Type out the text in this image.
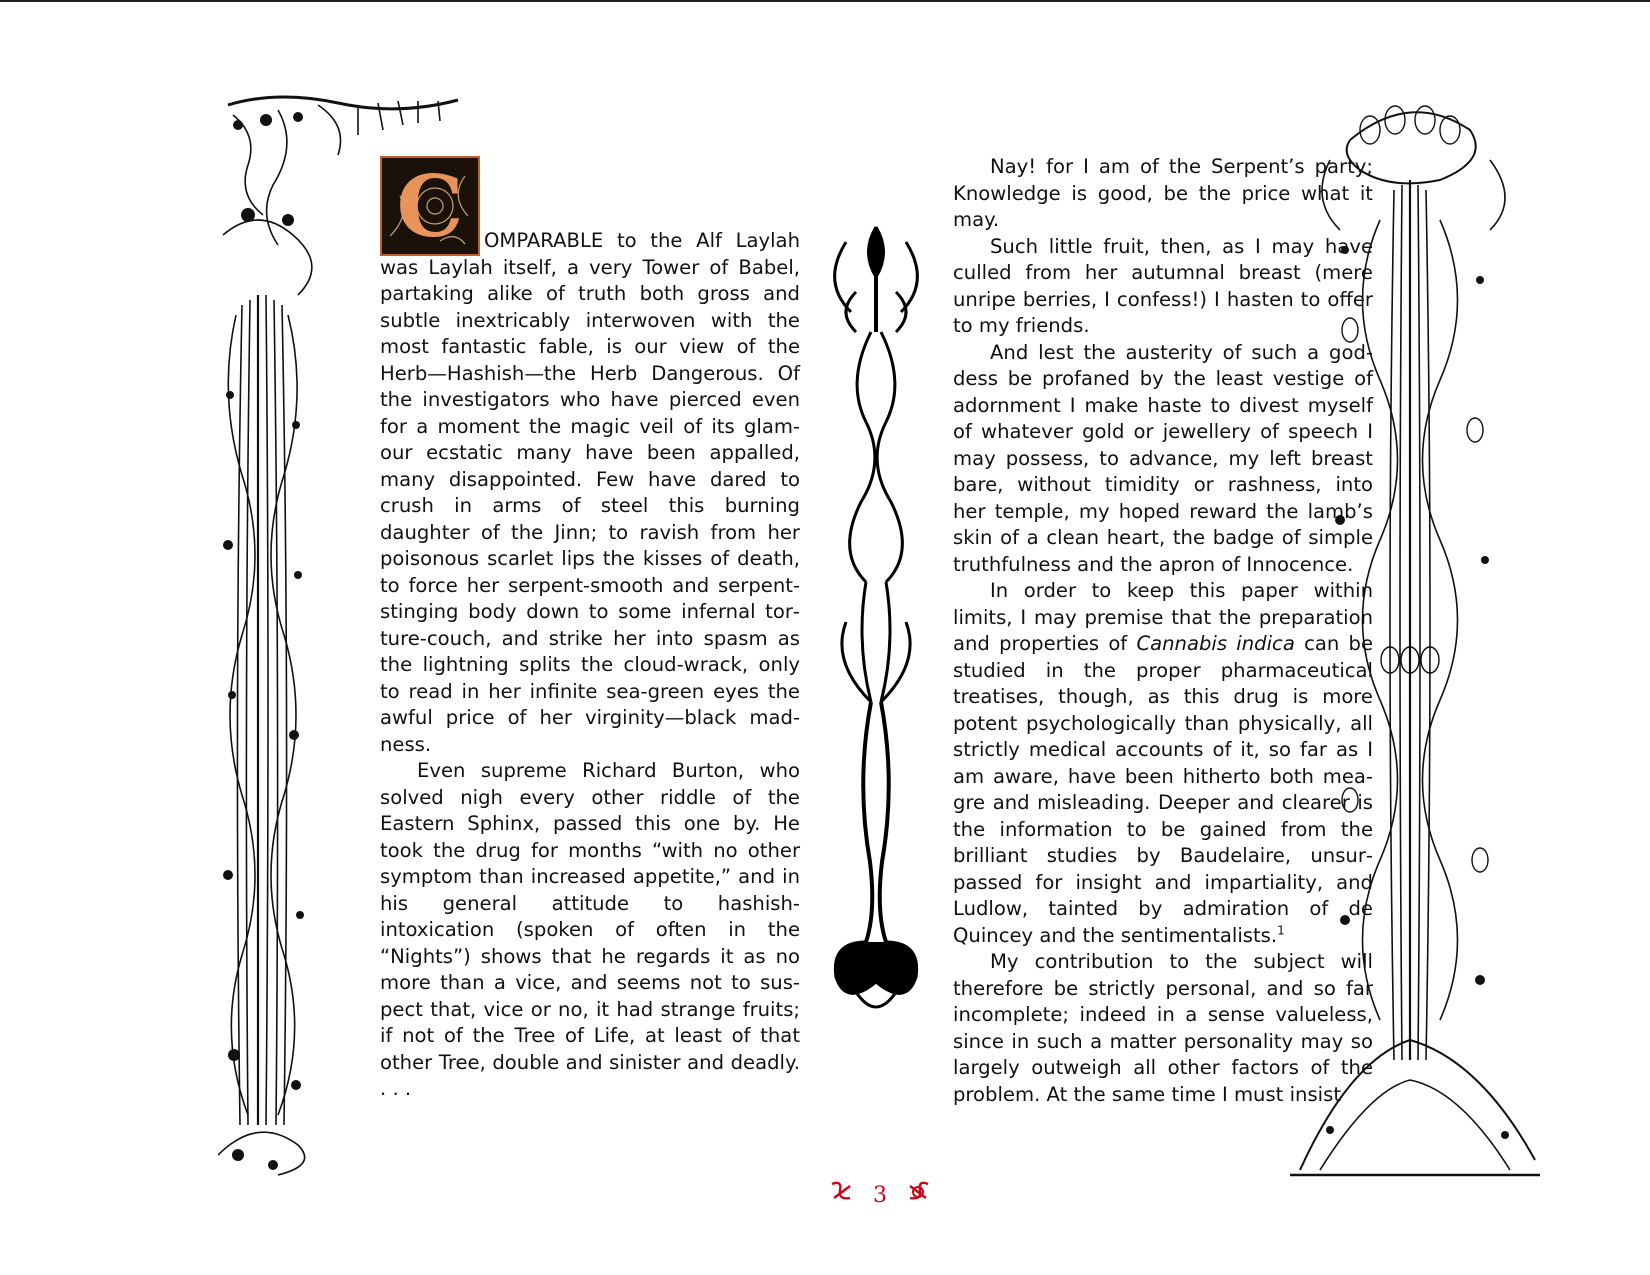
C	OMPARABLE to the Alf Laylah was Laylah itself, a very Tower of Babel, partaking alike of truth both gross and subtle inextricably interwoven with the most fantastic fable, is our view of the Herb—Hashish—the Herb Dangerous. Of the investigators who have pierced even for a moment the magic veil of its glamour ecstatic many have been appalled, many disappointed. Few have dared to crush in arms of steel this burning daughter of the Jinn; to ravish from her poisonous scarlet lips the kisses of death, to force her serpent-smooth and serpent-stinging body down to some infernal torture-couch, and strike her into spasm as the lightning splits the cloud-wrack, only to read in her infinite sea-green eyes the awful price of her virginity—black madness.

Even supreme Richard Burton, who solved nigh every other riddle of the Eastern Sphinx, passed this one by. He took the drug for months “with no other symptom than increased appetite,” and in his general attitude to hashish-intoxication (spoken of often in the “Nights”) shows that he regards it as no more than a vice, and seems not to suspect that, vice or no, it had strange fruits; if not of the Tree of Life, at least of that other Tree, double and sinister and deadly. . . .

Nay! for I am of the Serpent’s party; Knowledge is good, be the price what it may.

Such little fruit, then, as I may have culled from her autumnal breast (mere unripe berries, I confess!) I hasten to offer to my friends.

And lest the austerity of such a goddess be profaned by the least vestige of adornment I make haste to divest myself of whatever gold or jewellery of speech I may possess, to advance, my left breast bare, without timidity or rashness, into her temple, my hoped reward the lamb’s skin of a clean heart, the badge of simple truthfulness and the apron of Innocence.

In order to keep this paper within limits, I may premise that the preparation and properties of Cannabis indica can be studied in the proper pharmaceutical treatises, though, as this drug is more potent psychologically than physically, all strictly medical accounts of it, so far as I am aware, have been hitherto both meagre and misleading. Deeper and clearer is the information to be gained from the brilliant studies by Baudelaire, unsurpassed for insight and impartiality, and Ludlow, tainted by admiration of de Quincey and the sentimentalists.$^1$

My contribution to the subject will therefore be strictly personal, and so far incomplete; indeed in a sense valueless, since in such a matter personality may so largely outweigh all other factors of the problem. At the same time I must insist

3
